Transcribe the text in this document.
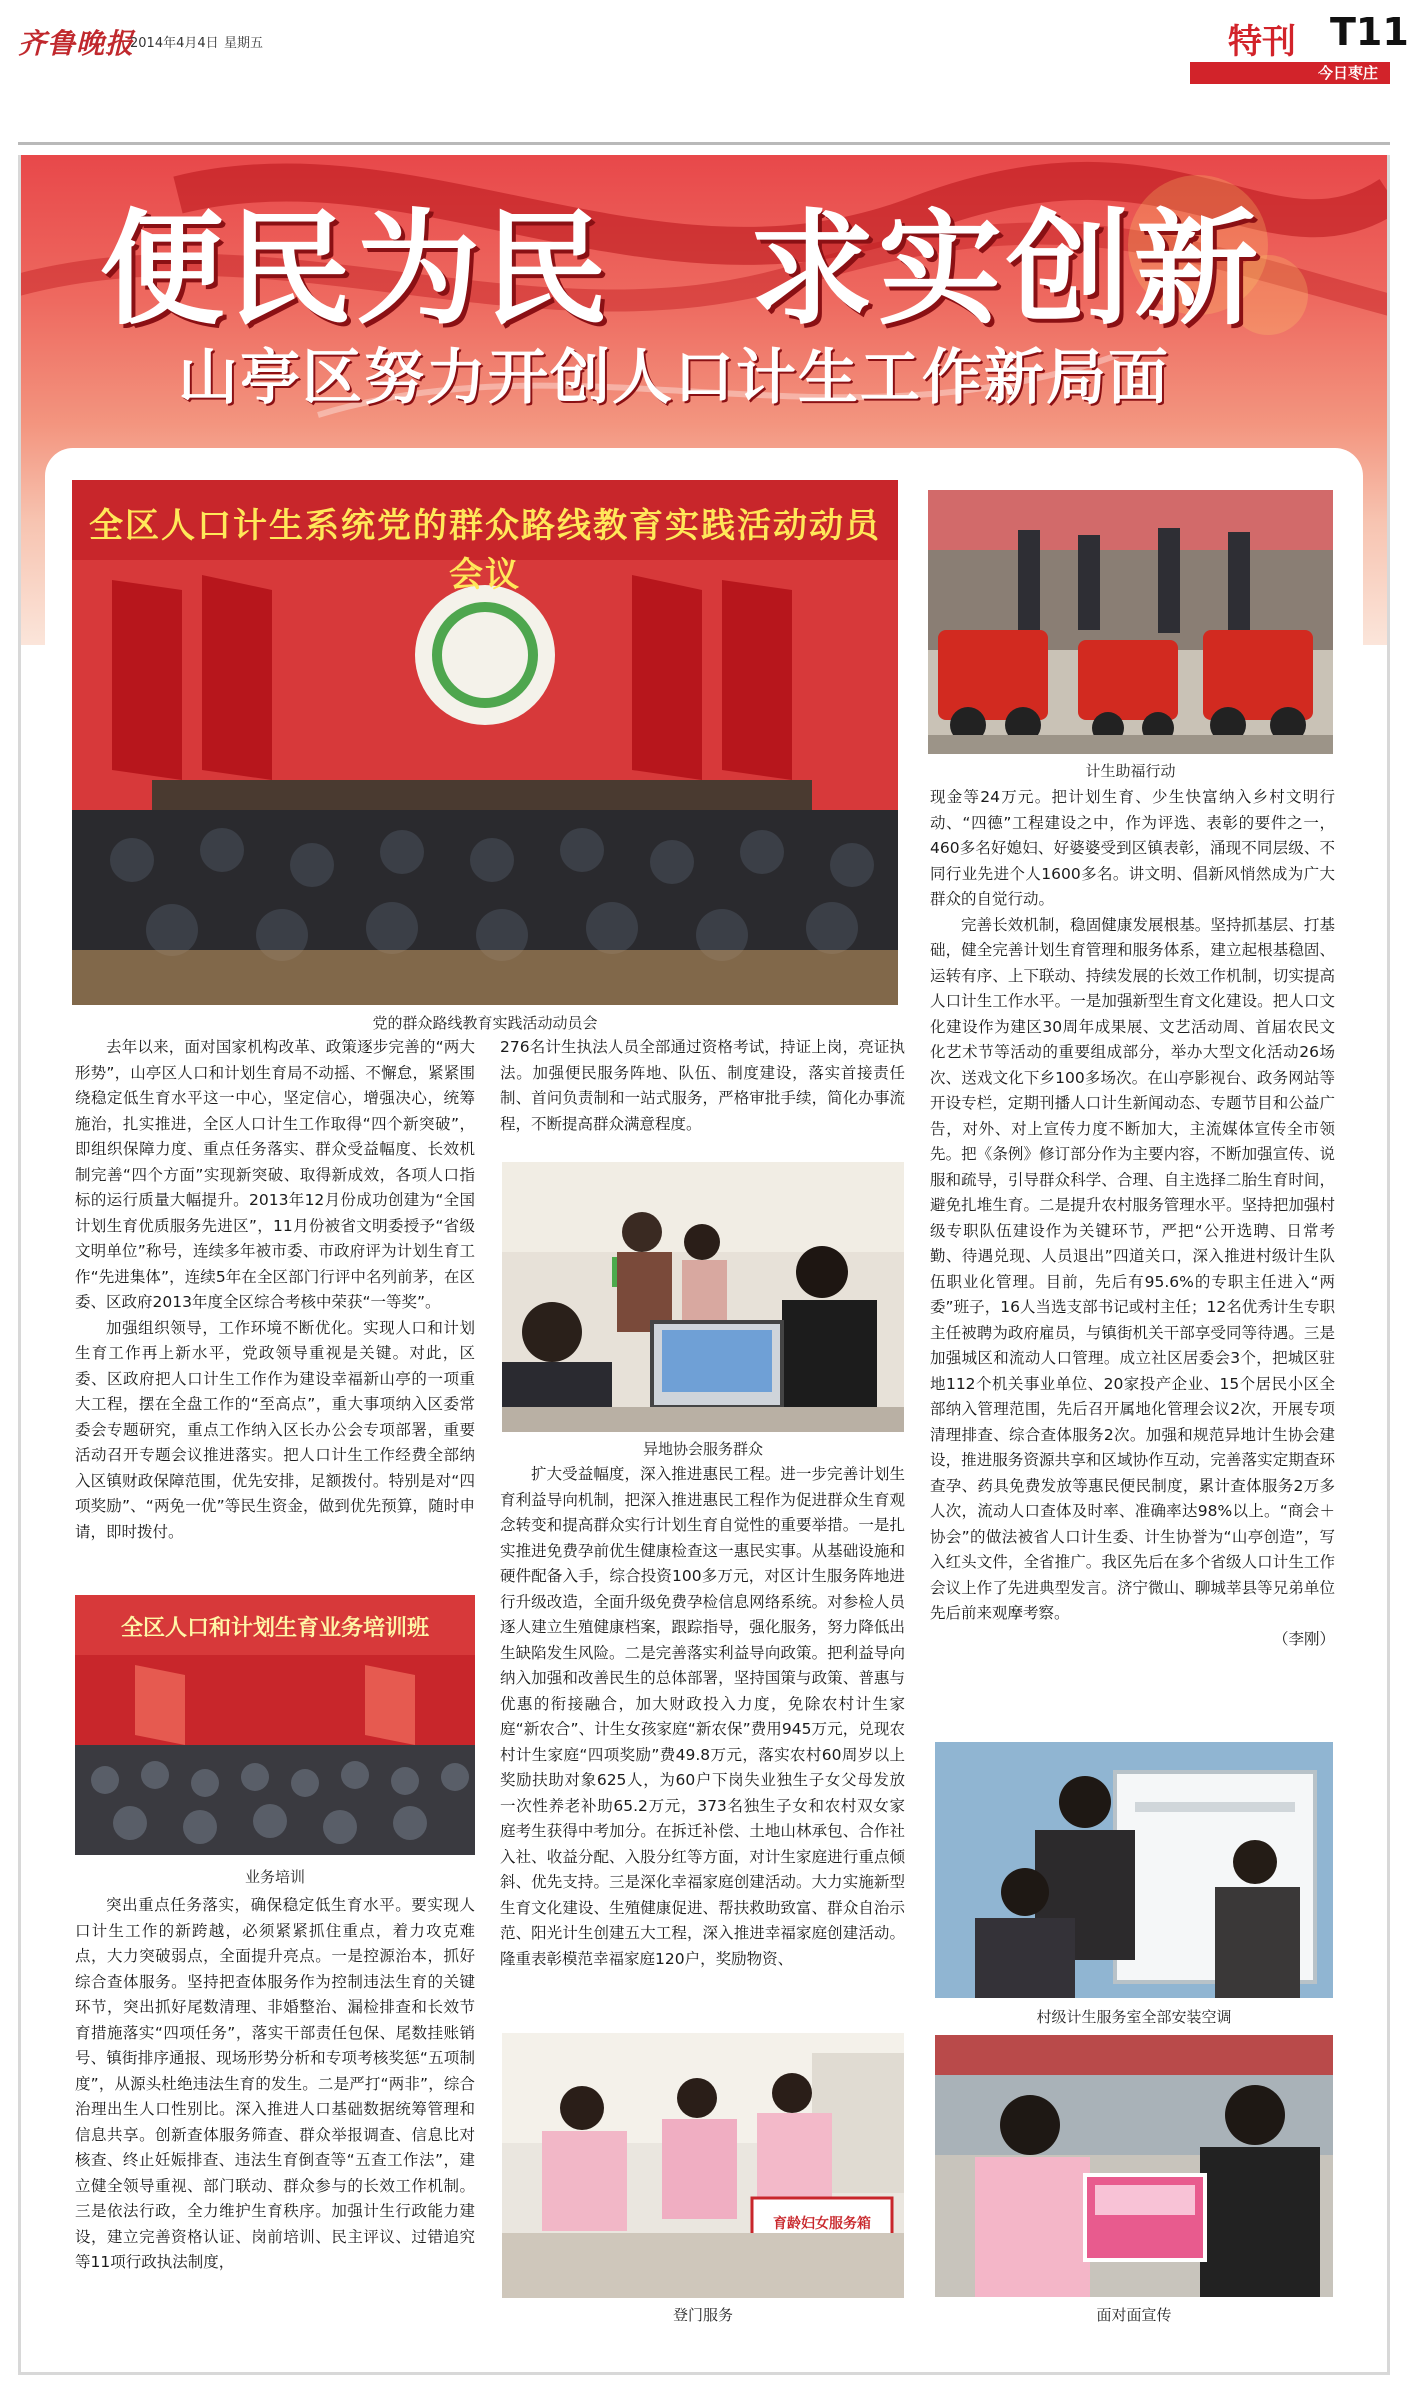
齐鲁晚报
2014年4月4日 星期五	特刊 T11
今日枣庄
便民为民 求实创新
山亭区努力开创人口计生工作新局面
全区人口计生系统党的群众路线教育实践活动动员会议
党的群众路线教育实践活动动员会
计生助福行动

去年以来，面对国家机构改革、政策逐步完善的“两大形势”，山亭区人口和计划生育局不动摇、不懈怠，紧紧围绕稳定低生育水平这一中心，坚定信心，增强决心，统筹施治，扎实推进，全区人口计生工作取得“四个新突破”，即组织保障力度、重点任务落实、群众受益幅度、长效机制完善“四个方面”实现新突破、取得新成效，各项人口指标的运行质量大幅提升。2013年12月份成功创建为“全国计划生育优质服务先进区”，11月份被省文明委授予“省级文明单位”称号，连续多年被市委、市政府评为计划生育工作“先进集体”，连续5年在全区部门行评中名列前茅，在区委、区政府2013年度全区综合考核中荣获“一等奖”。

加强组织领导，工作环境不断优化。实现人口和计划生育工作再上新水平，党政领导重视是关键。对此，区委、区政府把人口计生工作作为建设幸福新山亭的一项重大工程，摆在全盘工作的“至高点”，重大事项纳入区委常委会专题研究，重点工作纳入区长办公会专项部署，重要活动召开专题会议推进落实。把人口计生工作经费全部纳入区镇财政保障范围，优先安排，足额拨付。特别是对“四项奖励”、“两免一优”等民生资金，做到优先预算，随时申请，即时拨付。

全区人口和计划生育业务培训班
业务培训

突出重点任务落实，确保稳定低生育水平。要实现人口计生工作的新跨越，必须紧紧抓住重点，着力攻克难点，大力突破弱点，全面提升亮点。一是控源治本，抓好综合查体服务。坚持把查体服务作为控制违法生育的关键环节，突出抓好尾数清理、非婚整治、漏检排查和长效节育措施落实“四项任务”，落实干部责任包保、尾数挂账销号、镇街排序通报、现场形势分析和专项考核奖惩“五项制度”，从源头杜绝违法生育的发生。二是严打“两非”，综合治理出生人口性别比。深入推进人口基础数据统筹管理和信息共享。创新查体服务筛查、群众举报调查、信息比对核查、终止妊娠排查、违法生育倒查等“五查工作法”，建立健全领导重视、部门联动、群众参与的长效工作机制。三是依法行政，全力维护生育秩序。加强计生行政能力建设，建立完善资格认证、岗前培训、民主评议、过错追究等11项行政执法制度，

276名计生执法人员全部通过资格考试，持证上岗，亮证执法。加强便民服务阵地、队伍、制度建设，落实首接责任制、首问负责制和一站式服务，严格审批手续，简化办事流程，不断提高群众满意程度。

异地协会服务群众

扩大受益幅度，深入推进惠民工程。进一步完善计划生育利益导向机制，把深入推进惠民工程作为促进群众生育观念转变和提高群众实行计划生育自觉性的重要举措。一是扎实推进免费孕前优生健康检查这一惠民实事。从基础设施和硬件配备入手，综合投资100多万元，对区计生服务阵地进行升级改造，全面升级免费孕检信息网络系统。对参检人员逐人建立生殖健康档案，跟踪指导，强化服务，努力降低出生缺陷发生风险。二是完善落实利益导向政策。把利益导向纳入加强和改善民生的总体部署，坚持国策与政策、普惠与优惠的衔接融合，加大财政投入力度，免除农村计生家庭“新农合”、计生女孩家庭“新农保”费用945万元，兑现农村计生家庭“四项奖励”费49.8万元，落实农村60周岁以上奖励扶助对象625人，为60户下岗失业独生子女父母发放一次性养老补助65.2万元，373名独生子女和农村双女家庭考生获得中考加分。在拆迁补偿、土地山林承包、合作社入社、收益分配、入股分红等方面，对计生家庭进行重点倾斜、优先支持。三是深化幸福家庭创建活动。大力实施新型生育文化建设、生殖健康促进、帮扶救助致富、群众自治示范、阳光计生创建五大工程，深入推进幸福家庭创建活动。隆重表彰模范幸福家庭120户，奖励物资、

育龄妇女服务箱
登门服务

现金等24万元。把计划生育、少生快富纳入乡村文明行动、“四德”工程建设之中，作为评选、表彰的要件之一，460多名好媳妇、好婆婆受到区镇表彰，涌现不同层级、不同行业先进个人1600多名。讲文明、倡新风悄然成为广大群众的自觉行动。

完善长效机制，稳固健康发展根基。坚持抓基层、打基础，健全完善计划生育管理和服务体系，建立起根基稳固、运转有序、上下联动、持续发展的长效工作机制，切实提高人口计生工作水平。一是加强新型生育文化建设。把人口文化建设作为建区30周年成果展、文艺活动周、首届农民文化艺术节等活动的重要组成部分，举办大型文化活动26场次、送戏文化下乡100多场次。在山亭影视台、政务网站等开设专栏，定期刊播人口计生新闻动态、专题节目和公益广告，对外、对上宣传力度不断加大，主流媒体宣传全市领先。把《条例》修订部分作为主要内容，不断加强宣传、说服和疏导，引导群众科学、合理、自主选择二胎生育时间，避免扎堆生育。二是提升农村服务管理水平。坚持把加强村级专职队伍建设作为关键环节，严把“公开选聘、日常考勤、待遇兑现、人员退出”四道关口，深入推进村级计生队伍职业化管理。目前，先后有95.6%的专职主任进入“两委”班子，16人当选支部书记或村主任；12名优秀计生专职主任被聘为政府雇员，与镇街机关干部享受同等待遇。三是加强城区和流动人口管理。成立社区居委会3个，把城区驻地112个机关事业单位、20家投产企业、15个居民小区全部纳入管理范围，先后召开属地化管理会议2次，开展专项清理排查、综合查体服务2次。加强和规范异地计生协会建设，推进服务资源共享和区域协作互动，完善落实定期查环查孕、药具免费发放等惠民便民制度，累计查体服务2万多人次，流动人口查体及时率、准确率达98%以上。“商会＋协会”的做法被省人口计生委、计生协誉为“山亭创造”，写入红头文件，全省推广。我区先后在多个省级人口计生工作会议上作了先进典型发言。济宁微山、聊城莘县等兄弟单位先后前来观摩考察。

（李刚）
村级计生服务室全部安装空调
面对面宣传
